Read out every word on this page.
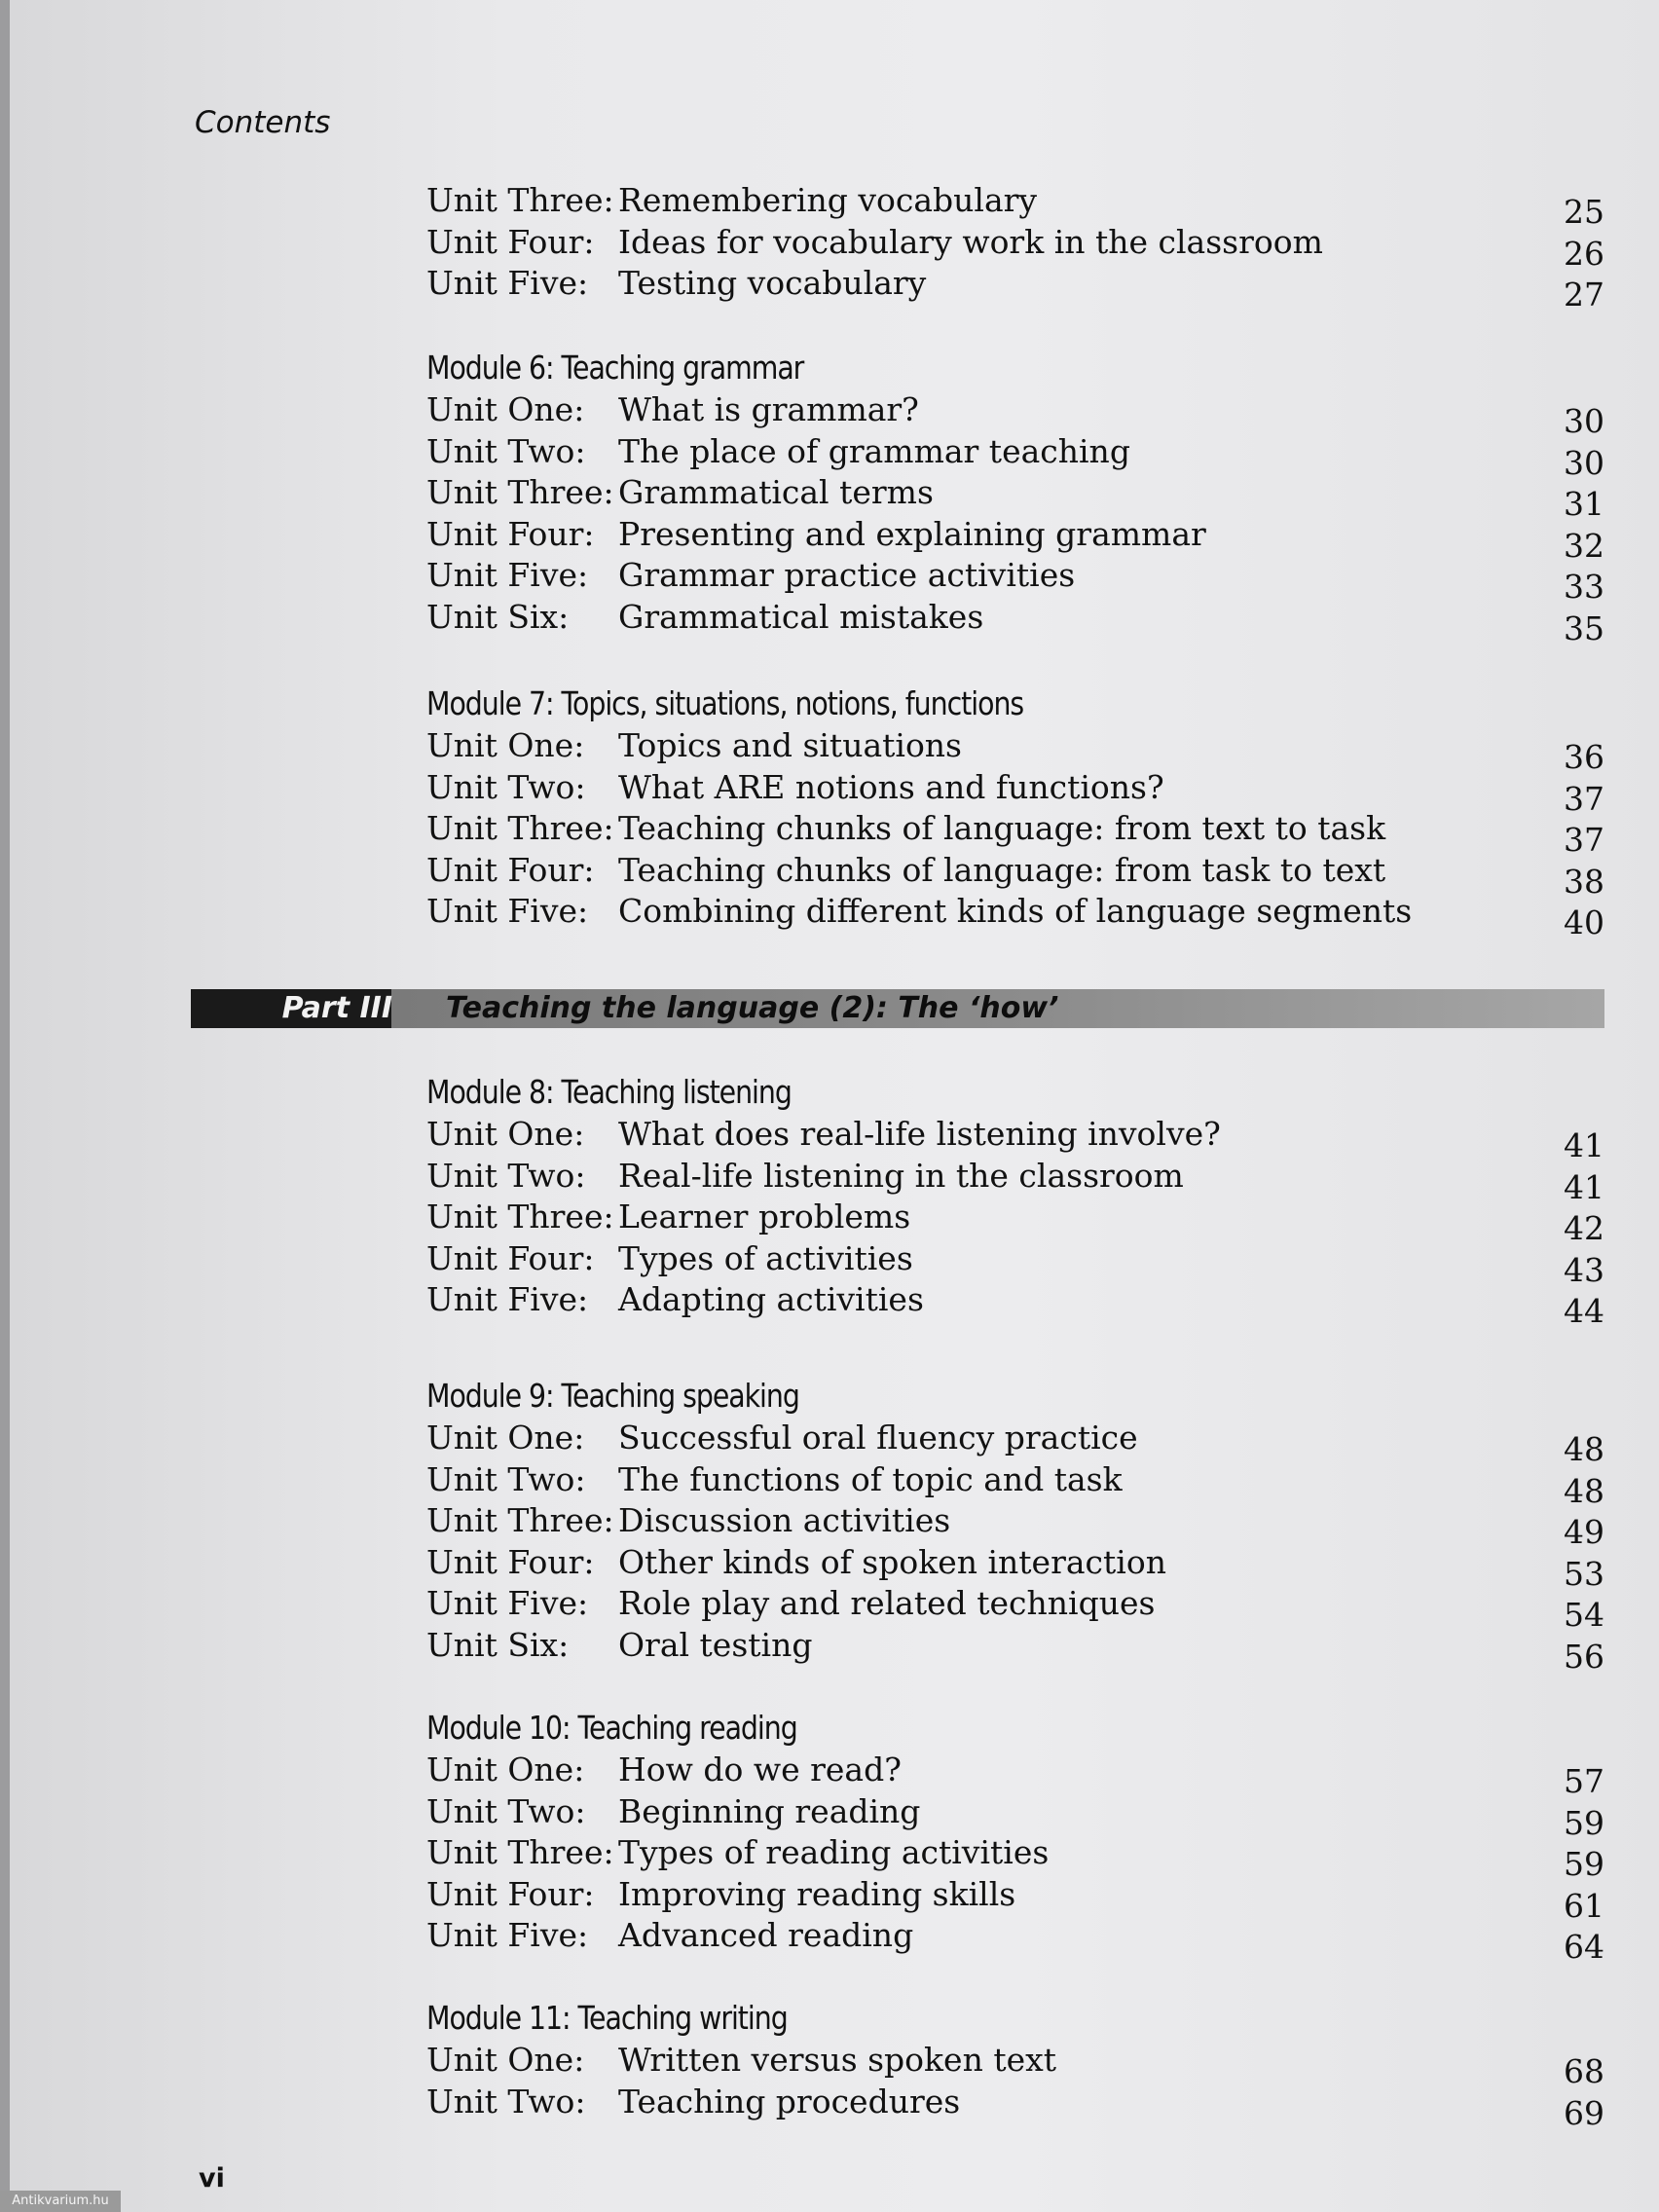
Contents
Unit Three: Remembering vocabulary	25
Unit Four: Ideas for vocabulary work in the classroom	26
Unit Five: Testing vocabulary	27
Module 6: Teaching grammar
Unit One: What is grammar?	30
Unit Two: The place of grammar teaching	30
Unit Three: Grammatical terms	31
Unit Four: Presenting and explaining grammar	32
Unit Five: Grammar practice activities	33
Unit Six: Grammatical mistakes	35
Module 7: Topics, situations, notions, functions
Unit One: Topics and situations	36
Unit Two: What ARE notions and functions?	37
Unit Three: Teaching chunks of language: from text to task	37
Unit Four: Teaching chunks of language: from task to text	38
Unit Five: Combining different kinds of language segments	40
Module 8: Teaching listening
Unit One: What does real-life listening involve?	41
Unit Two: Real-life listening in the classroom	41
Unit Three: Learner problems	42
Unit Four: Types of activities	43
Unit Five: Adapting activities	44
Module 9: Teaching speaking
Unit One: Successful oral fluency practice	48
Unit Two: The functions of topic and task	48
Unit Three: Discussion activities	49
Unit Four: Other kinds of spoken interaction	53
Unit Five: Role play and related techniques	54
Unit Six: Oral testing	56
Module 10: Teaching reading
Unit One: How do we read?	57
Unit Two: Beginning reading	59
Unit Three: Types of reading activities	59
Unit Four: Improving reading skills	61
Unit Five: Advanced reading	64
Module 11: Teaching writing
Unit One: Written versus spoken text	68
Unit Two: Teaching procedures	69
Part III Teaching the language (2): The ‘how’
vi
Antikvarium.hu
